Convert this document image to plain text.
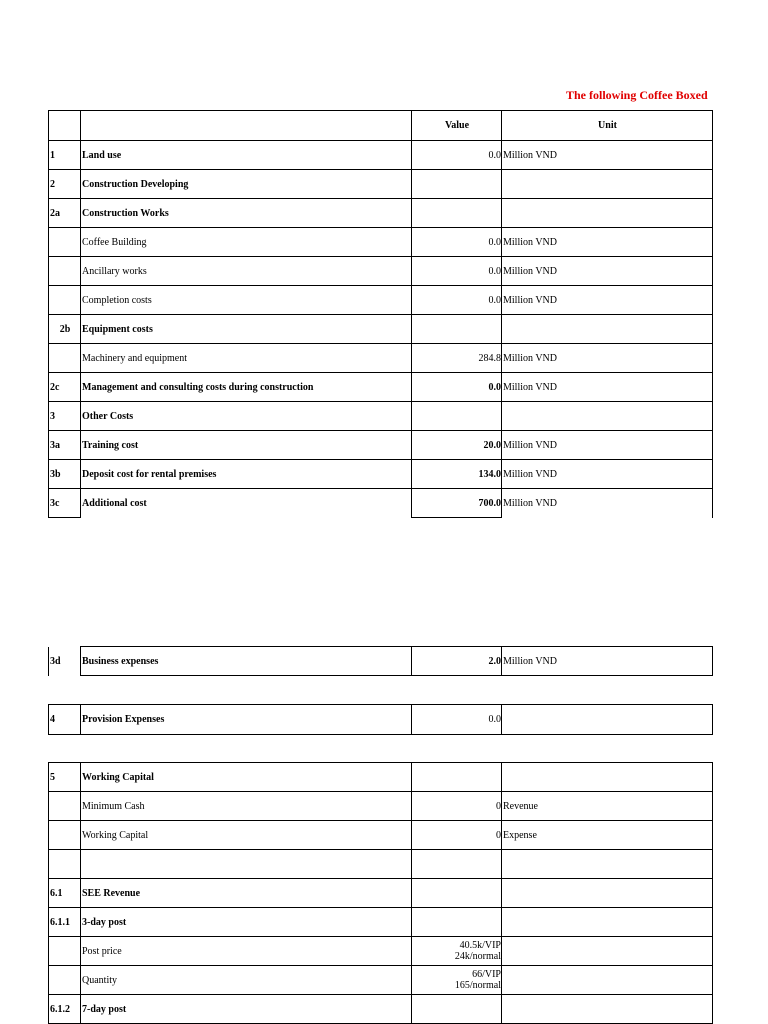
The following Coffee Boxed
		Value	Unit
1	Land use	0.0	Million VND
2	Construction Developing		
2a	Construction Works		
	Coffee Building	0.0	Million VND
	Ancillary works	0.0	Million VND
	Completion costs	0.0	Million VND
2b	Equipment costs		
	Machinery and equipment	284.8	Million VND
2c	Management and consulting costs during construction	0.0	Million VND
3	Other Costs		
3a	Training cost	20.0	Million VND
3b	Deposit cost for rental premises	134.0	Million VND
3c	Additional cost	700.0	Million VND
3d	Business expenses	2.0	Million VND
4	Provision Expenses	0.0	
5	Working Capital		
	Minimum Cash	0	Revenue
	Working Capital	0	Expense

6.1	SEE Revenue		
6.1.1	3-day post		
	Post price	40.5k/VIP
24k/normal	

	Quantity	66/VIP
165/normal	

6.1.2	7-day post		
